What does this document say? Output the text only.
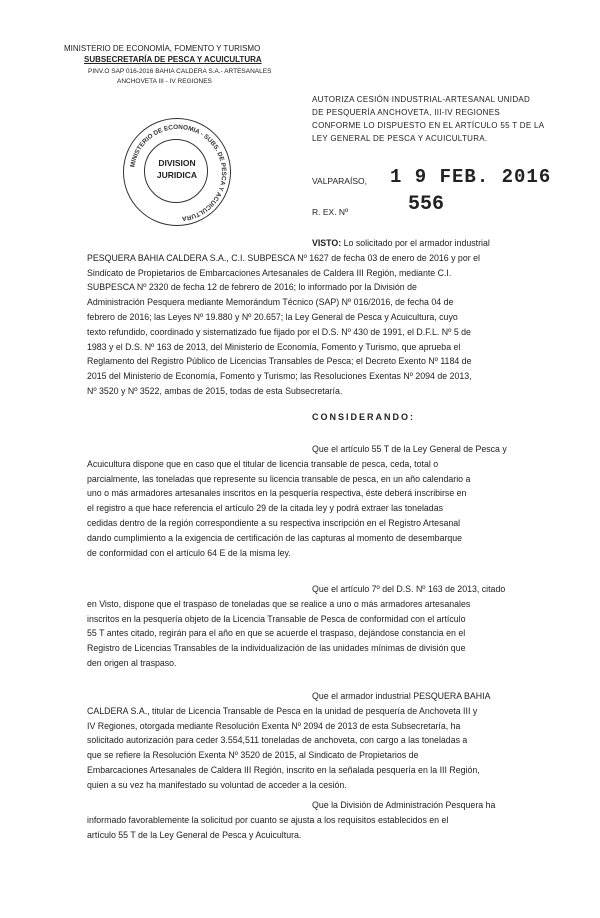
MINISTERIO DE ECONOMÍA, FOMENTO Y TURISMO
SUBSECRETARÍA DE PESCA Y ACUICULTURA
PINV.O SAP 016-2016 BAHIA CALDERA S.A.- ARTESANALES
ANCHOVETA III - IV REGIONES
MINISTERIO DE ECONOMIA - SUBS. DE PESCA Y ACUICULTURA
DIVISION
JURIDICA
AUTORIZA CESIÓN INDUSTRIAL-ARTESANAL UNIDAD
DE PESQUERÍA ANCHOVETA, III-IV REGIONES
CONFORME LO DISPUESTO EN EL ARTÍCULO 55 T DE LA
LEY GENERAL DE PESCA Y ACUICULTURA.
VALPARAÍSO, 1 9 FEB. 2016
R. EX. Nº	556
VISTO: Lo solicitado por el armador industrial
PESQUERA BAHIA CALDERA S.A., C.I. SUBPESCA Nº 1627 de fecha 03 de enero de 2016 y por el
Sindicato de Propietarios de Embarcaciones Artesanales de Caldera III Región, mediante C.I.
SUBPESCA Nº 2320 de fecha 12 de febrero de 2016; lo informado por la División de
Administración Pesquera mediante Memorándum Técnico (SAP) Nº 016/2016, de fecha 04 de
febrero de 2016; las Leyes Nº 19.880 y Nº 20.657; la Ley General de Pesca y Acuicultura, cuyo
texto refundido, coordinado y sistematizado fue fijado por el D.S. Nº 430 de 1991, el D.F.L. Nº 5 de
1983 y el D.S. Nº 163 de 2013, del Ministerio de Economía, Fomento y Turismo, que aprueba el
Reglamento del Registro Público de Licencias Transables de Pesca; el Decreto Exento Nº 1184 de
2015 del Ministerio de Economía, Fomento y Turismo; las Resoluciones Exentas Nº 2094 de 2013,
Nº 3520 y Nº 3522, ambas de 2015, todas de esta Subsecretaría.
CONSIDERANDO:
Que el artículo 55 T de la Ley General de Pesca y
Acuicultura dispone que en caso que el titular de licencia transable de pesca, ceda, total o
parcialmente, las toneladas que represente su licencia transable de pesca, en un año calendario a
uno o más armadores artesanales inscritos en la pesquería respectiva, éste deberá inscribirse en
el registro a que hace referencia el artículo 29 de la citada ley y podrá extraer las toneladas
cedidas dentro de la región correspondiente a su respectiva inscripción en el Registro Artesanal
dando cumplimiento a la exigencia de certificación de las capturas al momento de desembarque
de conformidad con el artículo 64 E de la misma ley.
Que el artículo 7º del D.S. Nº 163 de 2013, citado
en Visto, dispone que el traspaso de toneladas que se realice a uno o más armadores artesanales
inscritos en la pesquería objeto de la Licencia Transable de Pesca de conformidad con el artículo
55 T antes citado, regirán para el año en que se acuerde el traspaso, dejándose constancia en el
Registro de Licencias Transables de la individualización de las unidades mínimas de división que
den origen al traspaso.
Que el armador industrial PESQUERA BAHIA
CALDERA S.A., titular de Licencia Transable de Pesca en la unidad de pesquería de Anchoveta III y
IV Regiones, otorgada mediante Resolución Exenta Nº 2094 de 2013 de esta Subsecretaría, ha
solicitado autorización para ceder 3.554,511 toneladas de anchoveta, con cargo a las toneladas a
que se refiere la Resolución Exenta Nº 3520 de 2015, al Sindicato de Propietarios de
Embarcaciones Artesanales de Caldera III Región, inscrito en la señalada pesquería en la III Región,
quien a su vez ha manifestado su voluntad de acceder a la cesión.
Que la División de Administración Pesquera ha
informado favorablemente la solicitud por cuanto se ajusta a los requisitos establecidos en el
artículo 55 T de la Ley General de Pesca y Acuicultura.
